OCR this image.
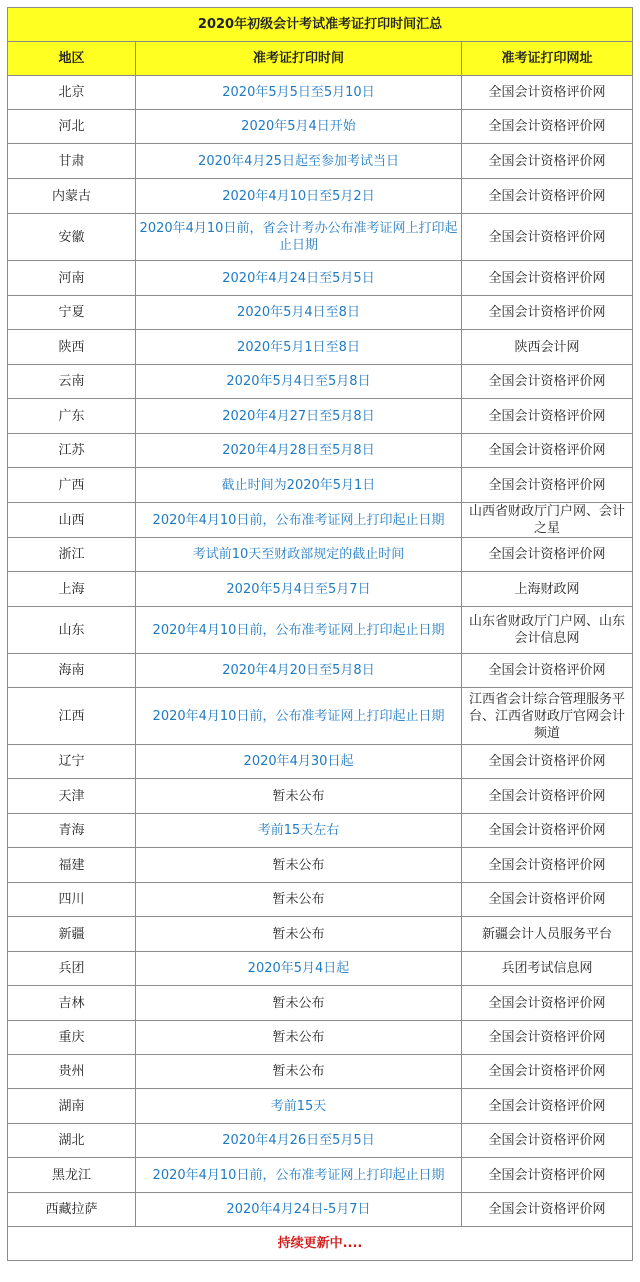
2020年初级会计考试准考证打印时间汇总		
地区	准考证打印时间	准考证打印网址
北京	2020年5月5日至5月10日	全国会计资格评价网
河北	2020年5月4日开始	全国会计资格评价网
甘肃	2020年4月25日起至参加考试当日	全国会计资格评价网
内蒙古	2020年4月10日至5月2日	全国会计资格评价网
安徽	2020年4月10日前，省会计考办公布准考证网上打印起止日期	全国会计资格评价网
河南	2020年4月24日至5月5日	全国会计资格评价网
宁夏	2020年5月4日至8日	全国会计资格评价网
陕西	2020年5月1日至8日	陕西会计网
云南	2020年5月4日至5月8日	全国会计资格评价网
广东	2020年4月27日至5月8日	全国会计资格评价网
江苏	2020年4月28日至5月8日	全国会计资格评价网
广西	截止时间为2020年5月1日	全国会计资格评价网
山西	2020年4月10日前，公布准考证网上打印起止日期	山西省财政厅门户网、会计之星
浙江	考试前10天至财政部规定的截止时间	全国会计资格评价网
上海	2020年5月4日至5月7日	上海财政网
山东	2020年4月10日前，公布准考证网上打印起止日期	山东省财政厅门户网、山东会计信息网
海南	2020年4月20日至5月8日	全国会计资格评价网
江西	2020年4月10日前，公布准考证网上打印起止日期	江西省会计综合管理服务平台、江西省财政厅官网会计频道
辽宁	2020年4月30日起	全国会计资格评价网
天津	暂未公布	全国会计资格评价网
青海	考前15天左右	全国会计资格评价网
福建	暂未公布	全国会计资格评价网
四川	暂未公布	全国会计资格评价网
新疆	暂未公布	新疆会计人员服务平台
兵团	2020年5月4日起	兵团考试信息网
吉林	暂未公布	全国会计资格评价网
重庆	暂未公布	全国会计资格评价网
贵州	暂未公布	全国会计资格评价网
湖南	考前15天	全国会计资格评价网
湖北	2020年4月26日至5月5日	全国会计资格评价网
黑龙江	2020年4月10日前，公布准考证网上打印起止日期	全国会计资格评价网
西藏拉萨	2020年4月24日-5月7日	全国会计资格评价网
持续更新中....		
